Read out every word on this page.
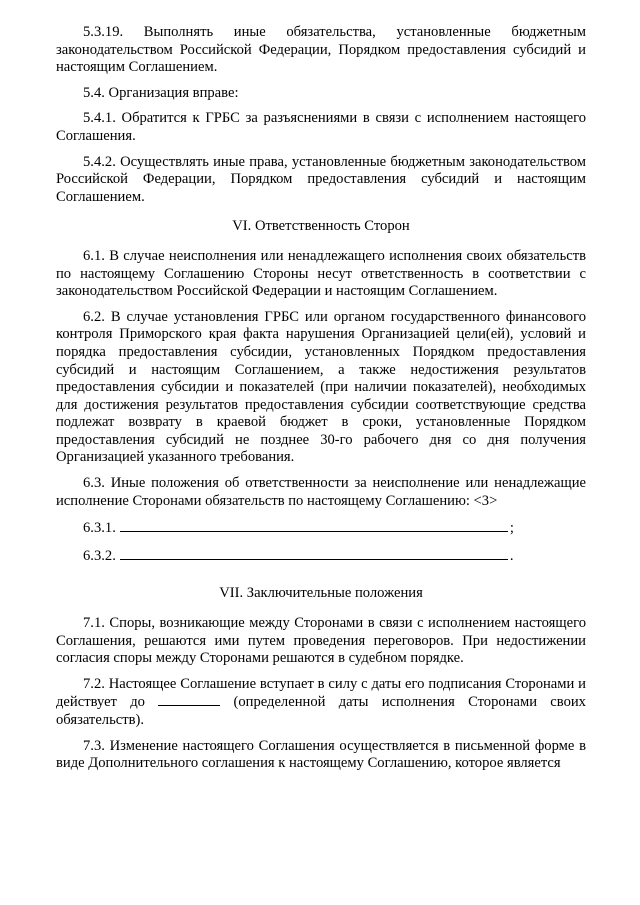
5.3.19. Выполнять иные обязательства, установленные бюджетным законодательством Российской Федерации, Порядком предоставления субсидий и настоящим Соглашением.

5.4. Организация вправе:

5.4.1. Обратится к ГРБС за разъяснениями в связи с исполнением настоящего Соглашения.

5.4.2. Осуществлять иные права, установленные бюджетным законодательством Российской Федерации, Порядком предоставления субсидий и настоящим Соглашением.

VI. Ответственность Сторон

6.1. В случае неисполнения или ненадлежащего исполнения своих обязательств по настоящему Соглашению Стороны несут ответственность в соответствии с законодательством Российской Федерации и настоящим Соглашением.

6.2. В случае установления ГРБС или органом государственного финансового контроля Приморского края факта нарушения Организацией цели(ей), условий и порядка предоставления субсидии, установленных Порядком предоставления субсидий и настоящим Соглашением, а также недостижения результатов предоставления субсидии и показателей (при наличии показателей), необходимых для достижения результатов предоставления субсидии соответствующие средства подлежат возврату в краевой бюджет в сроки, установленные Порядком предоставления субсидий не позднее 30-го рабочего дня со дня получения Организацией указанного требования.

6.3. Иные положения об ответственности за неисполнение или ненадлежащие исполнение Сторонами обязательств по настоящему Соглашению: <3>

6.3.1.	;
6.3.2.	.
VII. Заключительные положения

7.1. Споры, возникающие между Сторонами в связи с исполнением настоящего Соглашения, решаются ими путем проведения переговоров. При недостижении согласия споры между Сторонами решаются в судебном порядке.

7.2. Настоящее Соглашение вступает в силу с даты его подписания Сторонами и действует до	(определенной даты исполнения Сторонами своих обязательств).

7.3. Изменение настоящего Соглашения осуществляется в письменной форме в виде Дополнительного соглашения к настоящему Соглашению, которое является
